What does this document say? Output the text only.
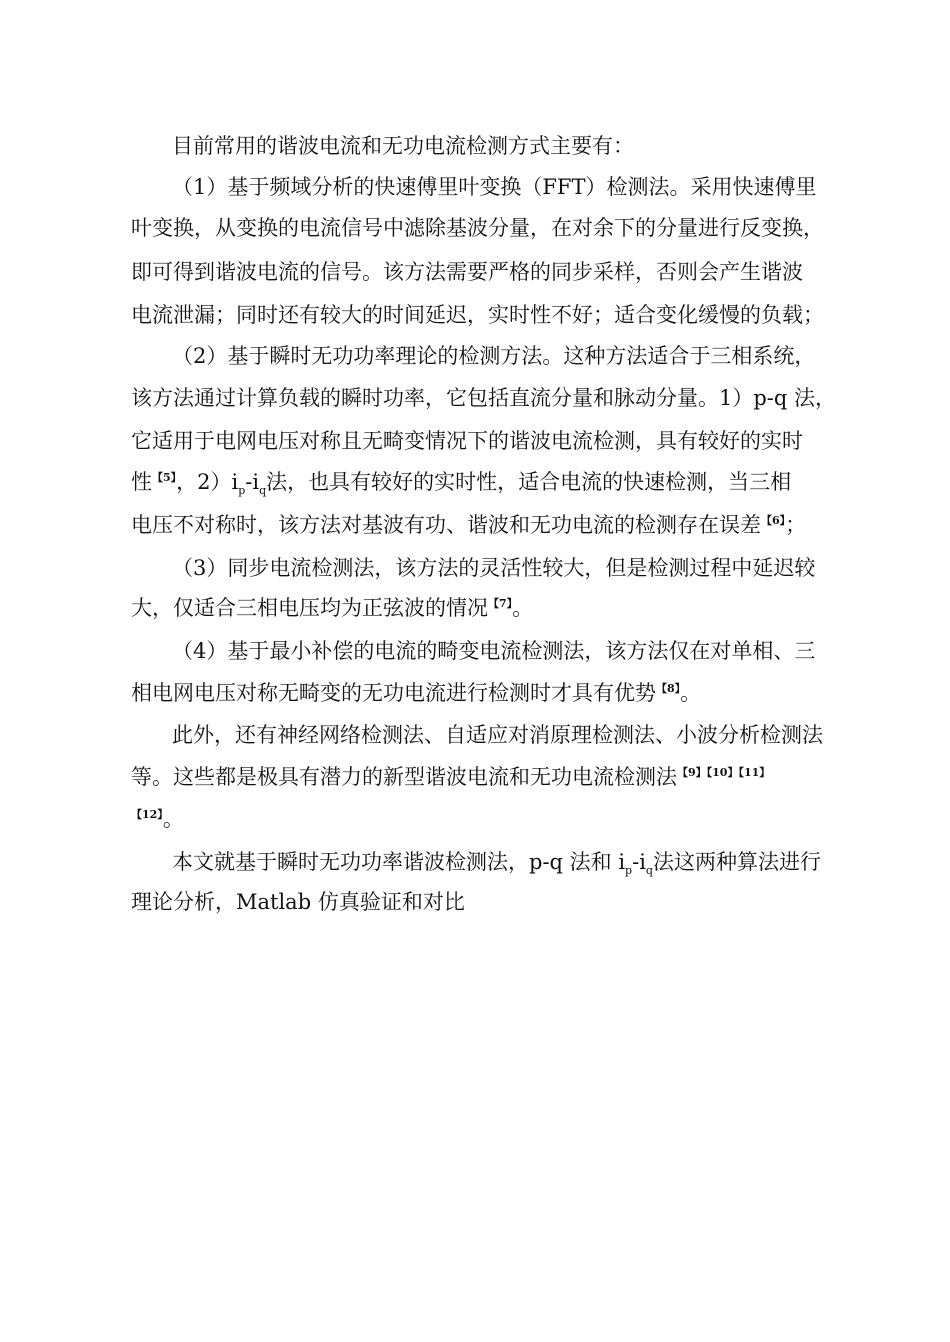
目前常用的谐波电流和无功电流检测方式主要有：
（1）基于频域分析的快速傅里叶变换（FFT）检测法。采用快速傅里
叶变换，从变换的电流信号中滤除基波分量，在对余下的分量进行反变换，
即可得到谐波电流的信号。该方法需要严格的同步采样，否则会产生谐波
电流泄漏；同时还有较大的时间延迟，实时性不好；适合变化缓慢的负载；
（2）基于瞬时无功功率理论的检测方法。这种方法适合于三相系统，
该方法通过计算负载的瞬时功率，它包括直流分量和脉动分量。1）p-q 法，
它适用于电网电压对称且无畸变情况下的谐波电流检测，具有较好的实时
性$^{【5】}$，$2)i_p-i_q$法，也具有较好的实时性，适合电流的快速检测，当三相
电压不对称时，该方法对基波有功、谐波和无功电流的检测存在误差$^{【6】}$；
（3）同步电流检测法，该方法的灵活性较大，但是检测过程中延迟较
大，仅适合三相电压均为正弦波的情况$^{【7】}$。
（4）基于最小补偿的电流的畸变电流检测法，该方法仅在对单相、三
相电网电压对称无畸变的无功电流进行检测时才具有优势$^{【8】}$。
此外，还有神经网络检测法、自适应对消原理检测法、小波分析检测法
等。这些都是极具有潜力的新型谐波电流和无功电流检测法$^{【9】【10】【11】}$
$^{【12】}$。
本文就基于瞬时无功功率谐波检测法，p-q 法和 $i_p-i_q$法这两种算法进行
理论分析，Matlab 仿真验证和对比
